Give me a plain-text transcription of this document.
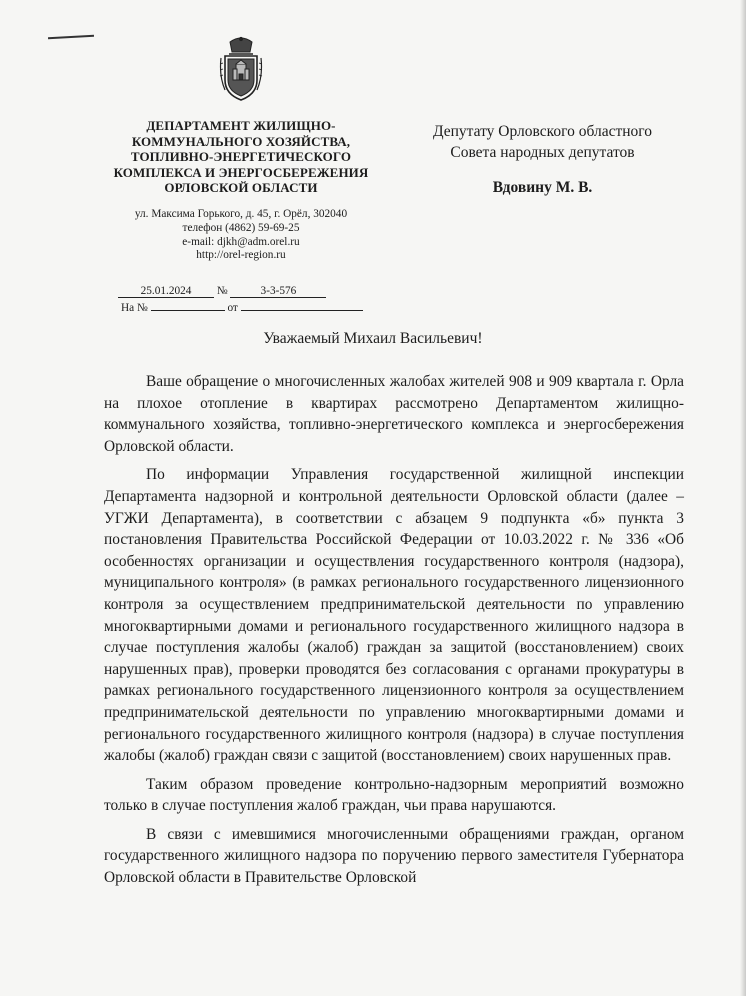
ДЕПАРТАМЕНТ ЖИЛИЩНО-КОММУНАЛЬНОГО ХОЗЯЙСТВА, ТОПЛИВНО-ЭНЕРГЕТИЧЕСКОГО КОМПЛЕКСА И ЭНЕРГОСБЕРЕЖЕНИЯ ОРЛОВСКОЙ ОБЛАСТИ
ул. Максима Горького, д. 45, г. Орёл, 302040
телефон (4862) 59-69-25
e-mail: djkh@adm.orel.ru
http://orel-region.ru
25.01.2024 №	3-3-576
На №	от
Депутату Орловского областного
Совета народных депутатов
Вдовину М. В.
Уважаемый Михаил Васильевич!

Ваше обращение о многочисленных жалобах жителей 908 и 909 квартала г. Орла на плохое отопление в квартирах рассмотрено Департаментом жилищно-коммунального хозяйства, топливно-энергетического комплекса и энергосбережения Орловской области.

По информации Управления государственной жилищной инспекции Департамента надзорной и контрольной деятельности Орловской области (далее – УГЖИ Департамента), в соответствии с абзацем 9 подпункта «б» пункта 3 постановления Правительства Российской Федерации от 10.03.2022 г. № 336 «Об особенностях организации и осуществления государственного контроля (надзора), муниципального контроля» (в рамках регионального государственного лицензионного контроля за осуществлением предпринимательской деятельности по управлению многоквартирными домами и регионального государственного жилищного надзора в случае поступления жалобы (жалоб) граждан за защитой (восстановлением) своих нарушенных прав), проверки проводятся без согласования с органами прокуратуры в рамках регионального государственного лицензионного контроля за осуществлением предпринимательской деятельности по управлению многоквартирными домами и регионального государственного жилищного контроля (надзора) в случае поступления жалобы (жалоб) граждан связи с защитой (восстановлением) своих нарушенных прав.

Таким образом проведение контрольно-надзорным мероприятий возможно только в случае поступления жалоб граждан, чьи права нарушаются.

В связи с имевшимися многочисленными обращениями граждан, органом государственного жилищного надзора по поручению первого заместителя Губернатора Орловской области в Правительстве Орловской
